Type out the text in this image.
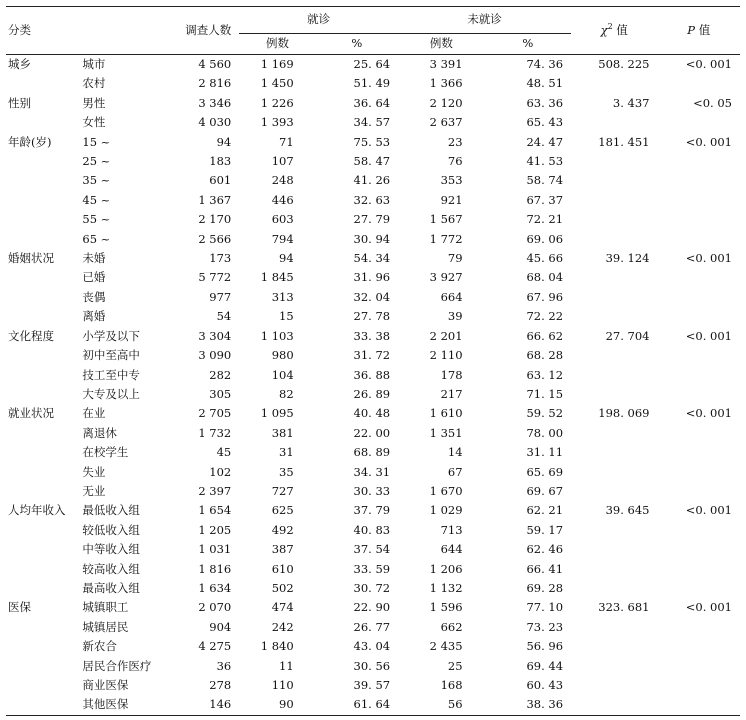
分类		调查人数	就诊		未就诊		$\chi^2$ 值	P 值
			例数	%	例数	%		
城乡	城市	4 560	1 169	25. 64	3 391	74. 36	508. 225	<0. 001
	农村	2 816	1 450	51. 49	1 366	48. 51		
性别	男性	3 346	1 226	36. 64	2 120	63. 36	3. 437	<0. 05
	女性	4 030	1 393	34. 57	2 637	65. 43		
年龄(岁)	15 ~	94	71	75. 53	23	24. 47	181. 451	<0. 001
	25 ~	183	107	58. 47	76	41. 53		
	35 ~	601	248	41. 26	353	58. 74		
	45 ~	1 367	446	32. 63	921	67. 37		
	55 ~	2 170	603	27. 79	1 567	72. 21		
	65 ~	2 566	794	30. 94	1 772	69. 06		
婚姻状况	未婚	173	94	54. 34	79	45. 66	39. 124	<0. 001
	已婚	5 772	1 845	31. 96	3 927	68. 04		
	丧偶	977	313	32. 04	664	67. 96		
	离婚	54	15	27. 78	39	72. 22		
文化程度	小学及以下	3 304	1 103	33. 38	2 201	66. 62	27. 704	<0. 001
	初中至高中	3 090	980	31. 72	2 110	68. 28		
	技工至中专	282	104	36. 88	178	63. 12		
	大专及以上	305	82	26. 89	217	71. 15		
就业状况	在业	2 705	1 095	40. 48	1 610	59. 52	198. 069	<0. 001
	离退休	1 732	381	22. 00	1 351	78. 00		
	在校学生	45	31	68. 89	14	31. 11		
	失业	102	35	34. 31	67	65. 69		
	无业	2 397	727	30. 33	1 670	69. 67		
人均年收入	最低收入组	1 654	625	37. 79	1 029	62. 21	39. 645	<0. 001
	较低收入组	1 205	492	40. 83	713	59. 17		
	中等收入组	1 031	387	37. 54	644	62. 46		
	较高收入组	1 816	610	33. 59	1 206	66. 41		
	最高收入组	1 634	502	30. 72	1 132	69. 28		
医保	城镇职工	2 070	474	22. 90	1 596	77. 10	323. 681	<0. 001
	城镇居民	904	242	26. 77	662	73. 23		
	新农合	4 275	1 840	43. 04	2 435	56. 96		
	居民合作医疗	36	11	30. 56	25	69. 44		
	商业医保	278	110	39. 57	168	60. 43		
	其他医保	146	90	61. 64	56	38. 36		
